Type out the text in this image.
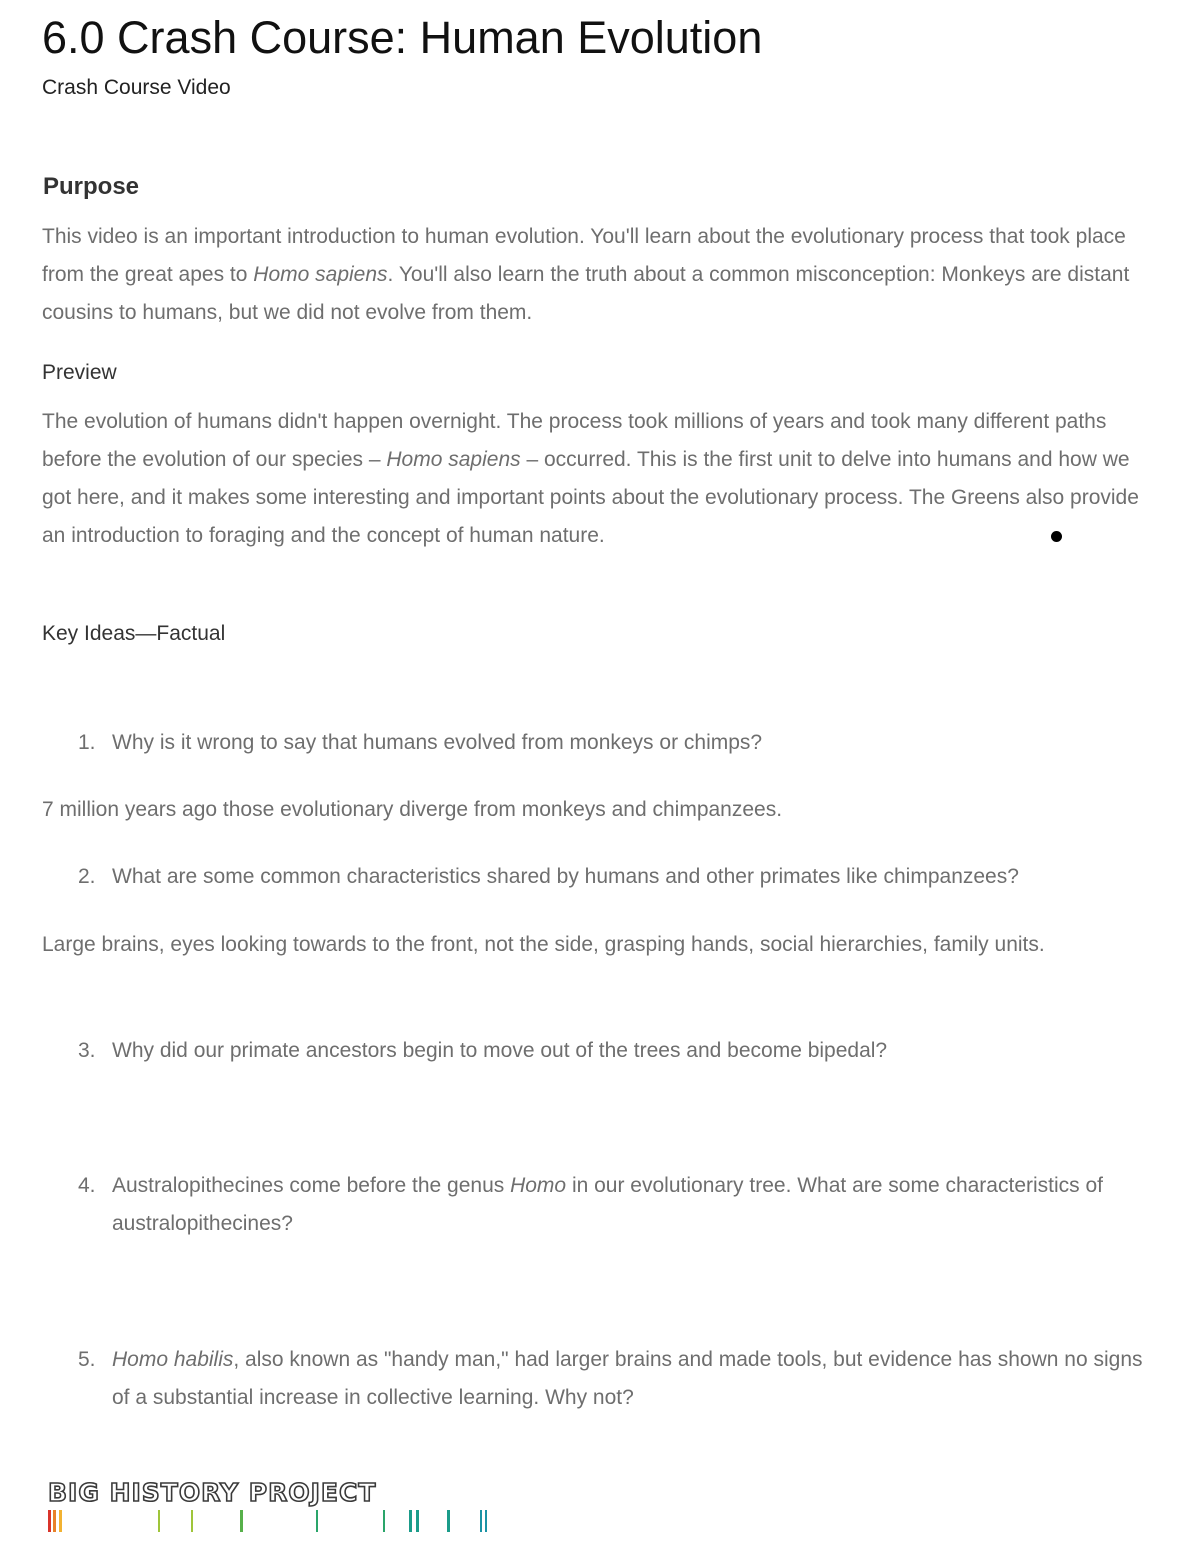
6.0 Crash Course: Human Evolution
Crash Course Video
Purpose

This video is an important introduction to human evolution. You'll learn about the evolutionary process that took place from the great apes to Homo sapiens. You'll also learn the truth about a common misconception: Monkeys are distant cousins to humans, but we did not evolve from them.

Preview

The evolution of humans didn't happen overnight. The process took millions of years and took many different paths before the evolution of our species – Homo sapiens – occurred. This is the first unit to delve into humans and how we got here, and it makes some interesting and important points about the evolutionary process. The Greens also provide an introduction to foraging and the concept of human nature.

Key Ideas—Factual
1. Why is it wrong to say that humans evolved from monkeys or chimps?
7 million years ago those evolutionary diverge from monkeys and chimpanzees.
2. What are some common characteristics shared by humans and other primates like chimpanzees?
Large brains, eyes looking towards to the front, not the side, grasping hands, social hierarchies, family units.
3. Why did our primate ancestors begin to move out of the trees and become bipedal?
4. Australopithecines come before the genus Homo in our evolutionary tree. What are some characteristics of australopithecines?
5. Homo habilis, also known as "handy man," had larger brains and made tools, but evidence has shown no signs of a substantial increase in collective learning. Why not?
BIG HISTORY PROJECT
